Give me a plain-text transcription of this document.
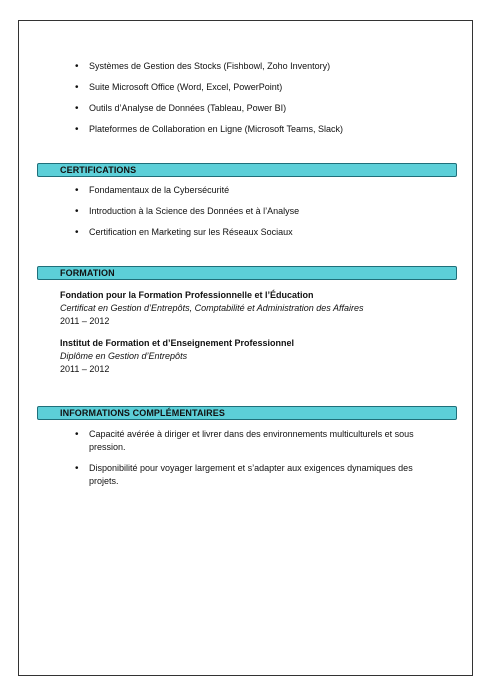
• Systèmes de Gestion des Stocks (Fishbowl, Zoho Inventory)
• Suite Microsoft Office (Word, Excel, PowerPoint)
• Outils d’Analyse de Données (Tableau, Power BI)
• Plateformes de Collaboration en Ligne (Microsoft Teams, Slack)
CERTIFICATIONS
• Fondamentaux de la Cybersécurité
• Introduction à la Science des Données et à l’Analyse
• Certification en Marketing sur les Réseaux Sociaux
FORMATION
Fondation pour la Formation Professionnelle et l’Éducation
Certificat en Gestion d’Entrepôts, Comptabilité et Administration des Affaires
2011 – 2012
Institut de Formation et d’Enseignement Professionnel
Diplôme en Gestion d’Entrepôts
2011 – 2012
INFORMATIONS COMPLÉMENTAIRES
• Capacité avérée à diriger et livrer dans des environnements multiculturels et sous pression.
• Disponibilité pour voyager largement et s’adapter aux exigences dynamiques des projets.
